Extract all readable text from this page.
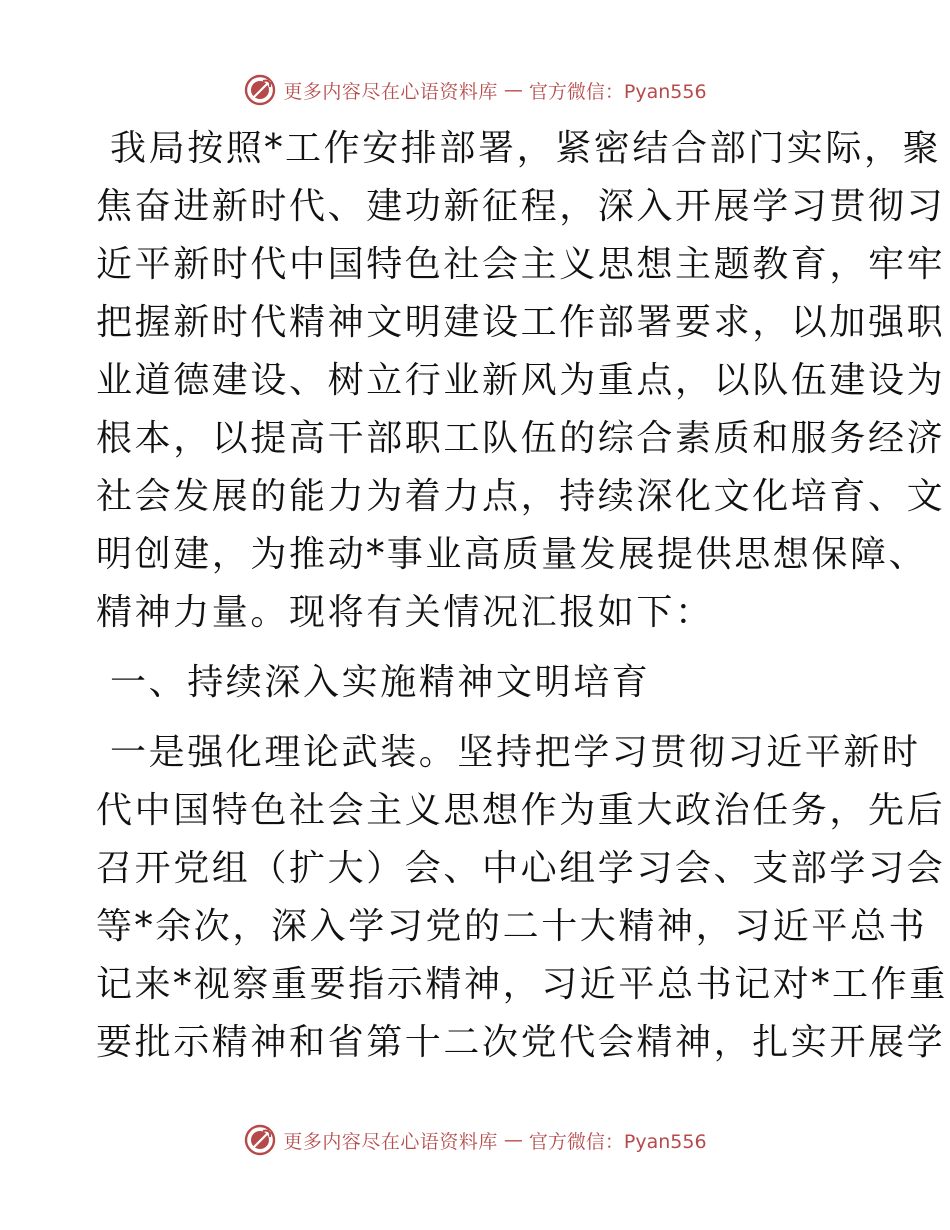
更多内容尽在心语资料库 — 官方微信：Pyan556
我局按照*工作安排部署，紧密结合部门实际，聚
焦奋进新时代、建功新征程，深入开展学习贯彻习
近平新时代中国特色社会主义思想主题教育，牢牢
把握新时代精神文明建设工作部署要求，以加强职
业道德建设、树立行业新风为重点，以队伍建设为
根本，以提高干部职工队伍的综合素质和服务经济
社会发展的能力为着力点，持续深化文化培育、文
明创建，为推动*事业高质量发展提供思想保障、
精神力量。现将有关情况汇报如下：
一、持续深入实施精神文明培育
一是强化理论武装。坚持把学习贯彻习近平新时
代中国特色社会主义思想作为重大政治任务，先后
召开党组（扩大）会、中心组学习会、支部学习会
等*余次，深入学习党的二十大精神，习近平总书
记来*视察重要指示精神，习近平总书记对*工作重
要批示精神和省第十二次党代会精神，扎实开展学
更多内容尽在心语资料库 — 官方微信：Pyan556
